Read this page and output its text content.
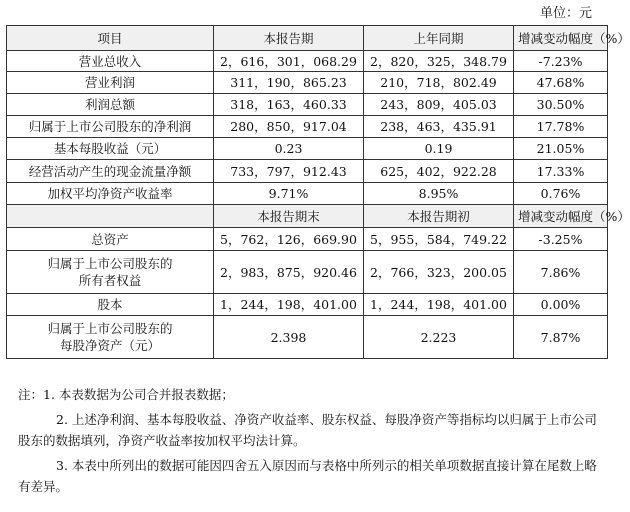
单位：元
项目	本报告期	上年同期	增减变动幅度（%）
营业总收入	2，616，301，068.29	2，820，325，348.79	-7.23%
营业利润	311，190，865.23	210，718，802.49	47.68%
利润总额	318，163，460.33	243，809，405.03	30.50%
归属于上市公司股东的净利润	280，850，917.04	238，463，435.91	17.78%
基本每股收益（元）	0.23	0.19	21.05%
经营活动产生的现金流量净额	733，797，912.43	625，402，922.28	17.33%
加权平均净资产收益率	9.71%	8.95%	0.76%
	本报告期末	本报告期初	增减变动幅度（%）
总资产	5，762，126，669.90	5，955，584，749.22	-3.25%
归属于上市公司股东的
所有者权益	2，983，875，920.46	2，766，323，200.05	7.86%
股本	1，244，198，401.00	1，244，198，401.00	0.00%
归属于上市公司股东的
每股净资产（元）	2.398	2.223	7.87%

注：1. 本表数据为公司合并报表数据；

2. 上述净利润、基本每股收益、净资产收益率、股东权益、每股净资产等指标均以归属于上市公司股东的数据填列，净资产收益率按加权平均法计算。

3. 本表中所列出的数据可能因四舍五入原因而与表格中所列示的相关单项数据直接计算在尾数上略有差异。
